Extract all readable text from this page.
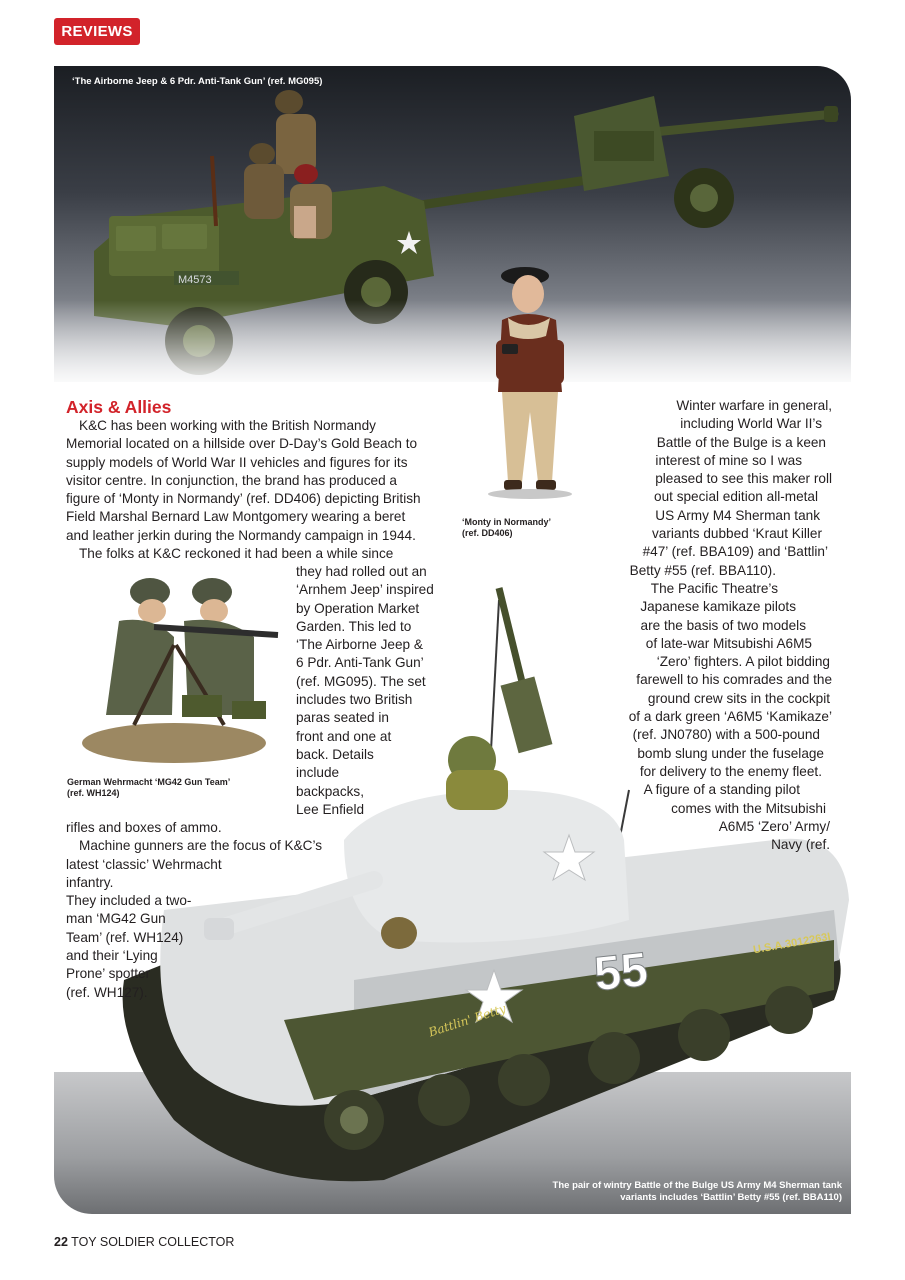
REVIEWS
M4573
‘The Airborne Jeep & 6 Pdr. Anti-Tank Gun’ (ref. MG095)
‘Monty in Normandy’
(ref. DD406)
German Wehrmacht ‘MG42 Gun Team’
(ref. WH124)
55	U.S.A.3012263I
Battlin' Betty
The pair of wintry Battle of the Bulge US Army M4 Sherman tank
variants includes ‘Battlin’ Betty #55 (ref. BBA110)
Axis & Allies
K&C has been working with the British Normandy
Memorial located on a hillside over D-Day’s Gold Beach to
supply models of World War II vehicles and figures for its
visitor centre. In conjunction, the brand has produced a
figure of ‘Monty in Normandy’ (ref. DD406) depicting British
Field Marshal Bernard Law Montgomery wearing a beret
and leather jerkin during the Normandy campaign in 1944.
The folks at K&C reckoned it had been a while since
they had rolled out an
‘Arnhem Jeep’ inspired
by Operation Market
Garden. This led to
‘The Airborne Jeep &
6 Pdr. Anti-Tank Gun’
(ref. MG095). The set
includes two British
paras seated in
front and one at
back. Details
include
backpacks,
Lee Enfield
rifles and boxes of ammo.
Machine gunners are the focus of K&C’s
latest ‘classic’ Wehrmacht
infantry.
They included a two-
man ‘MG42 Gun
Team’ (ref. WH124)
and their ‘Lying
Prone’ spotter
(ref. WH127).
Winter warfare in general,
including World War II’s
Battle of the Bulge is a keen
interest of mine so I was
pleased to see this maker roll
out special edition all-metal
US Army M4 Sherman tank
variants dubbed ‘Kraut Killer
#47’ (ref. BBA109) and ‘Battlin’
Betty #55 (ref. BBA110).
The Pacific Theatre’s
Japanese kamikaze pilots
are the basis of two models
of late-war Mitsubishi A6M5
‘Zero’ fighters. A pilot bidding
farewell to his comrades and the
ground crew sits in the cockpit
of a dark green ‘A6M5 ‘Kamikaze’
(ref. JN0780) with a 500-pound
bomb slung under the fuselage
for delivery to the enemy fleet.
A figure of a standing pilot
comes with the Mitsubishi
A6M5 ‘Zero’ Army/
Navy (ref.
22 TOY SOLDIER COLLECTOR
